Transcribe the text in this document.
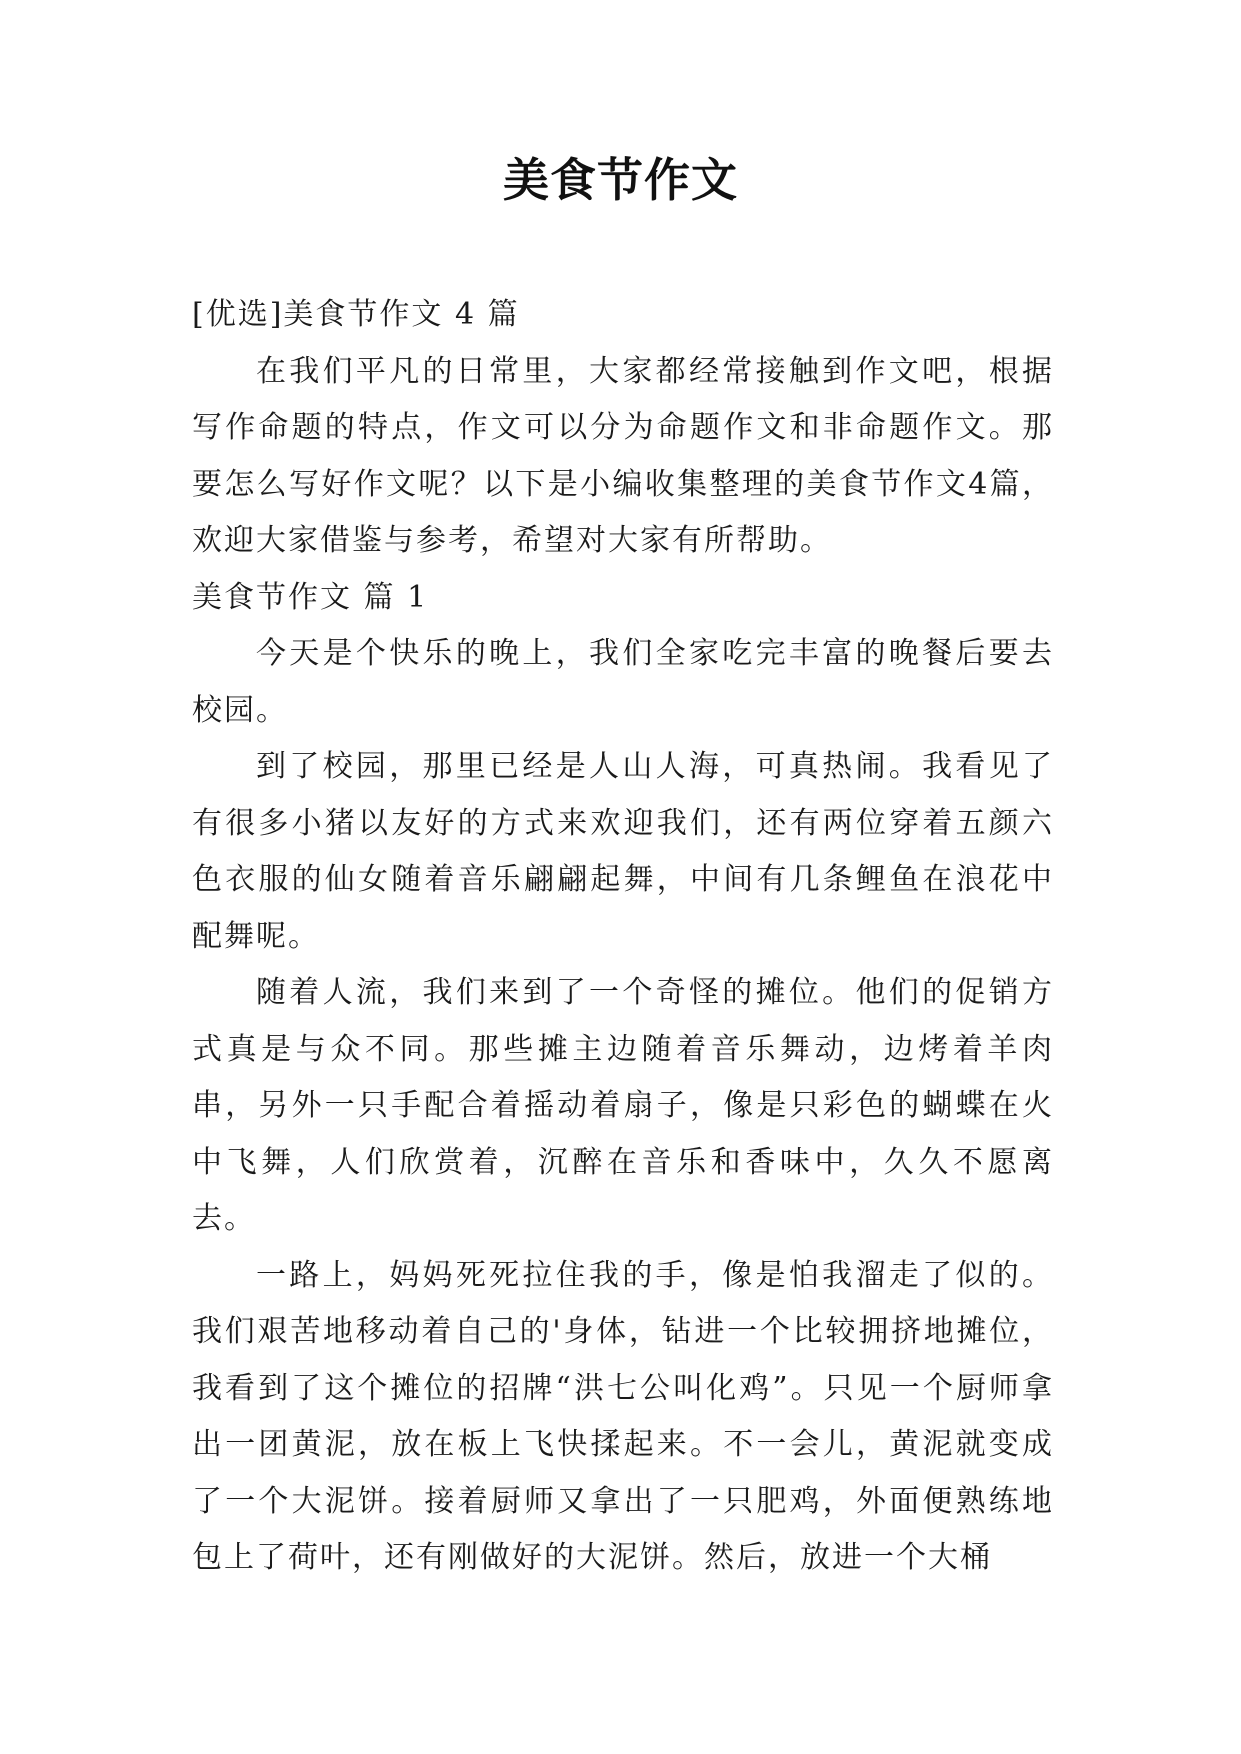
美食节作文

[优选]美食节作文 4 篇

在我们平凡的日常里，大家都经常接触到作文吧，根据写作命题的特点，作文可以分为命题作文和非命题作文。那要怎么写好作文呢？以下是小编收集整理的美食节作文4篇，欢迎大家借鉴与参考，希望对大家有所帮助。

美食节作文 篇 1

今天是个快乐的晚上，我们全家吃完丰富的晚餐后要去校园。

到了校园，那里已经是人山人海，可真热闹。我看见了有很多小猪以友好的方式来欢迎我们，还有两位穿着五颜六色衣服的仙女随着音乐翩翩起舞，中间有几条鲤鱼在浪花中配舞呢。

随着人流，我们来到了一个奇怪的摊位。他们的促销方式真是与众不同。那些摊主边随着音乐舞动，边烤着羊肉串，另外一只手配合着摇动着扇子，像是只彩色的蝴蝶在火中飞舞，人们欣赏着，沉醉在音乐和香味中，久久不愿离去。

一路上，妈妈死死拉住我的手，像是怕我溜走了似的。我们艰苦地移动着自己的'身体，钻进一个比较拥挤地摊位，我看到了这个摊位的招牌“洪七公叫化鸡”。只见一个厨师拿出一团黄泥，放在板上飞快揉起来。不一会儿，黄泥就变成了一个大泥饼。接着厨师又拿出了一只肥鸡，外面便熟练地包上了荷叶，还有刚做好的大泥饼。然后，放进一个大桶
